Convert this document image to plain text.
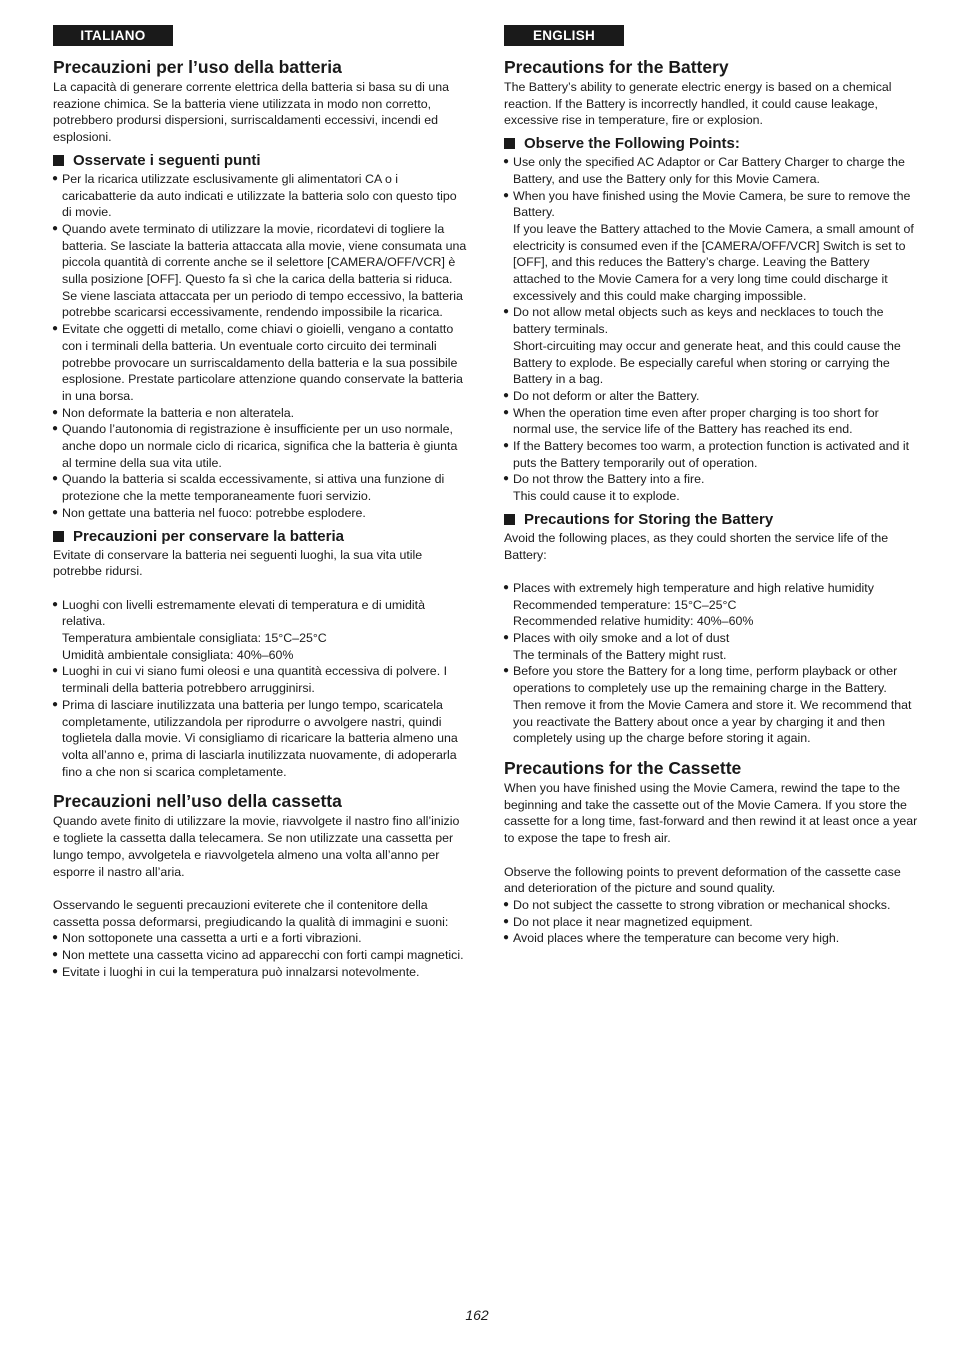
ITALIANO
Precauzioni per l’uso della batteria

La capacità di generare corrente elettrica della batteria si basa su di una reazione chimica. Se la batteria viene utilizzata in modo non corretto, potrebbero prodursi dispersioni, surriscaldamenti eccessivi, incendi ed esplosioni.

Osservate i seguenti punti
● Per la ricarica utilizzate esclusivamente gli alimentatori CA o i caricabatterie da auto indicati e utilizzate la batteria solo con questo tipo di movie.
● Quando avete terminato di utilizzare la movie, ricordatevi di togliere la batteria. Se lasciate la batteria attaccata alla movie, viene consumata una piccola quantità di corrente anche se il selettore [CAMERA/OFF/VCR] è sulla posizione [OFF]. Questo fa sì che la carica della batteria si riduca. Se viene lasciata attaccata per un periodo di tempo eccessivo, la batteria potrebbe scaricarsi eccessivamente, rendendo impossibile la ricarica.
● Evitate che oggetti di metallo, come chiavi o gioielli, vengano a contatto con i terminali della batteria. Un eventuale corto circuito dei terminali potrebbe provocare un surriscaldamento della batteria e la sua possibile esplosione. Prestate particolare attenzione quando conservate la batteria in una borsa.
● Non deformate la batteria e non alteratela.
● Quando l’autonomia di registrazione è insufficiente per un uso normale, anche dopo un normale ciclo di ricarica, significa che la batteria è giunta al termine della sua vita utile.
● Quando la batteria si scalda eccessivamente, si attiva una funzione di protezione che la mette temporaneamente fuori servizio.
● Non gettate una batteria nel fuoco: potrebbe esplodere.
Precauzioni per conservare la batteria

Evitate di conservare la batteria nei seguenti luoghi, la sua vita utile potrebbe ridursi.

● Luoghi con livelli estremamente elevati di temperatura e di umidità relativa.
Temperatura ambientale consigliata: 15°C–25°C
Umidità ambientale consigliata: 40%–60%
● Luoghi in cui vi siano fumi oleosi e una quantità eccessiva di polvere. I terminali della batteria potrebbero arrugginirsi.
● Prima di lasciare inutilizzata una batteria per lungo tempo, scaricatela completamente, utilizzandola per riprodurre o avvolgere nastri, quindi toglietela dalla movie. Vi consigliamo di ricaricare la batteria almeno una volta all’anno e, prima di lasciarla inutilizzata nuovamente, di adoperarla fino a che non si scarica completamente.
Precauzioni nell’uso della cassetta

Quando avete finito di utilizzare la movie, riavvolgete il nastro fino all’inizio e togliete la cassetta dalla telecamera. Se non utilizzate una cassetta per lungo tempo, avvolgetela e riavvolgetela almeno una volta all’anno per esporre il nastro all’aria.

Osservando le seguenti precauzioni eviterete che il contenitore della cassetta possa deformarsi, pregiudicando la qualità di immagini e suoni:

● Non sottoponete una cassetta a urti e a forti vibrazioni.
● Non mettete una cassetta vicino ad apparecchi con forti campi magnetici.
● Evitate i luoghi in cui la temperatura può innalzarsi notevolmente.
ENGLISH
Precautions for the Battery

The Battery’s ability to generate electric energy is based on a chemical reaction. If the Battery is incorrectly handled, it could cause leakage, excessive rise in temperature, fire or explosion.

Observe the Following Points:
● Use only the specified AC Adaptor or Car Battery Charger to charge the Battery, and use the Battery only for this Movie Camera.
● When you have finished using the Movie Camera, be sure to remove the Battery.
If you leave the Battery attached to the Movie Camera, a small amount of electricity is consumed even if the [CAMERA/OFF/VCR] Switch is set to [OFF], and this reduces the Battery’s charge. Leaving the Battery attached to the Movie Camera for a very long time could discharge it excessively and this could make charging impossible.
● Do not allow metal objects such as keys and necklaces to touch the battery terminals.
Short-circuiting may occur and generate heat, and this could cause the Battery to explode. Be especially careful when storing or carrying the Battery in a bag.
● Do not deform or alter the Battery.
● When the operation time even after proper charging is too short for normal use, the service life of the Battery has reached its end.
● If the Battery becomes too warm, a protection function is activated and it puts the Battery temporarily out of operation.
● Do not throw the Battery into a fire.
This could cause it to explode.
Precautions for Storing the Battery

Avoid the following places, as they could shorten the service life of the Battery:

● Places with extremely high temperature and high relative humidity
Recommended temperature: 15°C–25°C
Recommended relative humidity: 40%–60%
● Places with oily smoke and a lot of dust
The terminals of the Battery might rust.
● Before you store the Battery for a long time, perform playback or other operations to completely use up the remaining charge in the Battery. Then remove it from the Movie Camera and store it. We recommend that you reactivate the Battery about once a year by charging it and then completely using up the charge before storing it again.
Precautions for the Cassette

When you have finished using the Movie Camera, rewind the tape to the beginning and take the cassette out of the Movie Camera. If you store the cassette for a long time, fast-forward and then rewind it at least once a year to expose the tape to fresh air.

Observe the following points to prevent deformation of the cassette case and deterioration of the picture and sound quality.

● Do not subject the cassette to strong vibration or mechanical shocks.
● Do not place it near magnetized equipment.
● Avoid places where the temperature can become very high.
162
